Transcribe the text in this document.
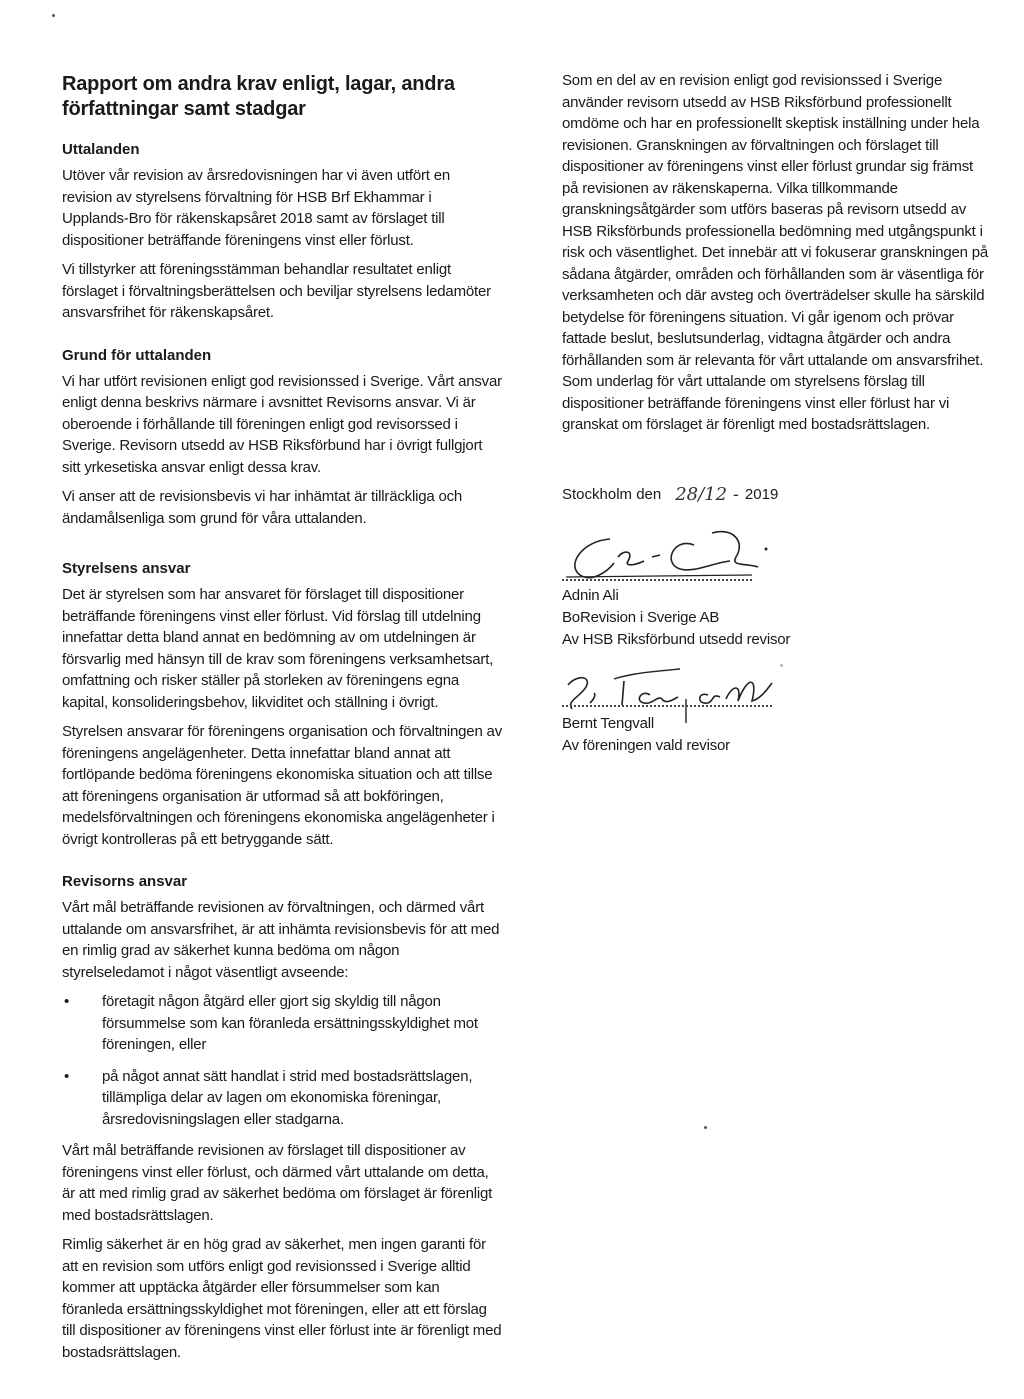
Rapport om andra krav enligt, lagar, andra författningar samt stadgar
Uttalanden

Utöver vår revision av årsredovisningen har vi även utfört en revision av styrelsens förvaltning för HSB Brf Ekhammar i Upplands-Bro för räkenskapsåret 2018 samt av förslaget till dispositioner beträffande föreningens vinst eller förlust.

Vi tillstyrker att föreningsstämman behandlar resultatet enligt förslaget i förvaltningsberättelsen och beviljar styrelsens ledamöter ansvarsfrihet för räkenskapsåret.

Grund för uttalanden

Vi har utfört revisionen enligt god revisionssed i Sverige. Vårt ansvar enligt denna beskrivs närmare i avsnittet Revisorns ansvar. Vi är oberoende i förhållande till föreningen enligt god revisorssed i Sverige. Revisorn utsedd av HSB Riksförbund har i övrigt fullgjort sitt yrkesetiska ansvar enligt dessa krav.

Vi anser att de revisionsbevis vi har inhämtat är tillräckliga och ändamålsenliga som grund för våra uttalanden.

Styrelsens ansvar

Det är styrelsen som har ansvaret för förslaget till dispositioner beträffande föreningens vinst eller förlust. Vid förslag till utdelning innefattar detta bland annat en bedömning av om utdelningen är försvarlig med hänsyn till de krav som föreningens verksamhetsart, omfattning och risker ställer på storleken av föreningens egna kapital, konsolideringsbehov, likviditet och ställning i övrigt.

Styrelsen ansvarar för föreningens organisation och förvaltningen av föreningens angelägenheter. Detta innefattar bland annat att fortlöpande bedöma föreningens ekonomiska situation och att tillse att föreningens organisation är utformad så att bokföringen, medelsförvaltningen och föreningens ekonomiska angelägenheter i övrigt kontrolleras på ett betryggande sätt.

Revisorns ansvar

Vårt mål beträffande revisionen av förvaltningen, och därmed vårt uttalande om ansvarsfrihet, är att inhämta revisionsbevis för att med en rimlig grad av säkerhet kunna bedöma om någon styrelseledamot i något väsentligt avseende:

• företagit någon åtgärd eller gjort sig skyldig till någon försummelse som kan föranleda ersättningsskyldighet mot föreningen, eller
• på något annat sätt handlat i strid med bostadsrättslagen, tillämpliga delar av lagen om ekonomiska föreningar, årsredovisningslagen eller stadgarna.

Vårt mål beträffande revisionen av förslaget till dispositioner av föreningens vinst eller förlust, och därmed vårt uttalande om detta, är att med rimlig grad av säkerhet bedöma om förslaget är förenligt med bostadsrättslagen.

Rimlig säkerhet är en hög grad av säkerhet, men ingen garanti för att en revision som utförs enligt god revisionssed i Sverige alltid kommer att upptäcka åtgärder eller försummelser som kan föranleda ersättningsskyldighet mot föreningen, eller att ett förslag till dispositioner av föreningens vinst eller förlust inte är förenligt med bostadsrättslagen.

Som en del av en revision enligt god revisionssed i Sverige använder revisorn utsedd av HSB Riksförbund professionellt omdöme och har en professionellt skeptisk inställning under hela revisionen. Granskningen av förvaltningen och förslaget till dispositioner av föreningens vinst eller förlust grundar sig främst på revisionen av räkenskaperna. Vilka tillkommande granskningsåtgärder som utförs baseras på revisorn utsedd av HSB Riksförbunds professionella bedömning med utgångspunkt i risk och väsentlighet. Det innebär att vi fokuserar granskningen på sådana åtgärder, områden och förhållanden som är väsentliga för verksamheten och där avsteg och överträdelser skulle ha särskild betydelse för föreningens situation. Vi går igenom och prövar fattade beslut, beslutsunderlag, vidtagna åtgärder och andra förhållanden som är relevanta för vårt uttalande om ansvarsfrihet. Som underlag för vårt uttalande om styrelsens förslag till dispositioner beträffande föreningens vinst eller förlust har vi granskat om förslaget är förenligt med bostadsrättslagen.

Stockholm den 28/12 - 2019

Adnin Ali

BoRevision i Sverige AB

Av HSB Riksförbund utsedd revisor

Bernt Tengvall

Av föreningen vald revisor
